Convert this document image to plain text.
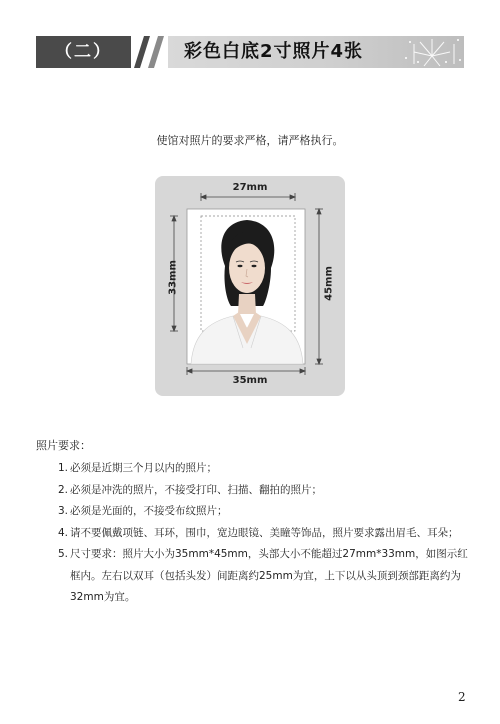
（二）	彩色白底2寸照片4张
使馆对照片的要求严格，请严格执行。
27mm
35mm
33mm	45mm
照片要求：
1. 必须是近期三个月以内的照片；
2. 必须是冲洗的照片，不接受打印、扫描、翻拍的照片；
3. 必须是光面的，不接受布纹照片；
4. 请不要佩戴项链、耳环，围巾，宽边眼镜、美瞳等饰品，照片要求露出眉毛、耳朵；
5. 尺寸要求：照片大小为35mm*45mm，头部大小不能超过27mm*33mm，如图示红框内。左右以双耳（包括头发）间距离约25mm为宜，上下以从头顶到颈部距离约为32mm为宜。
2
